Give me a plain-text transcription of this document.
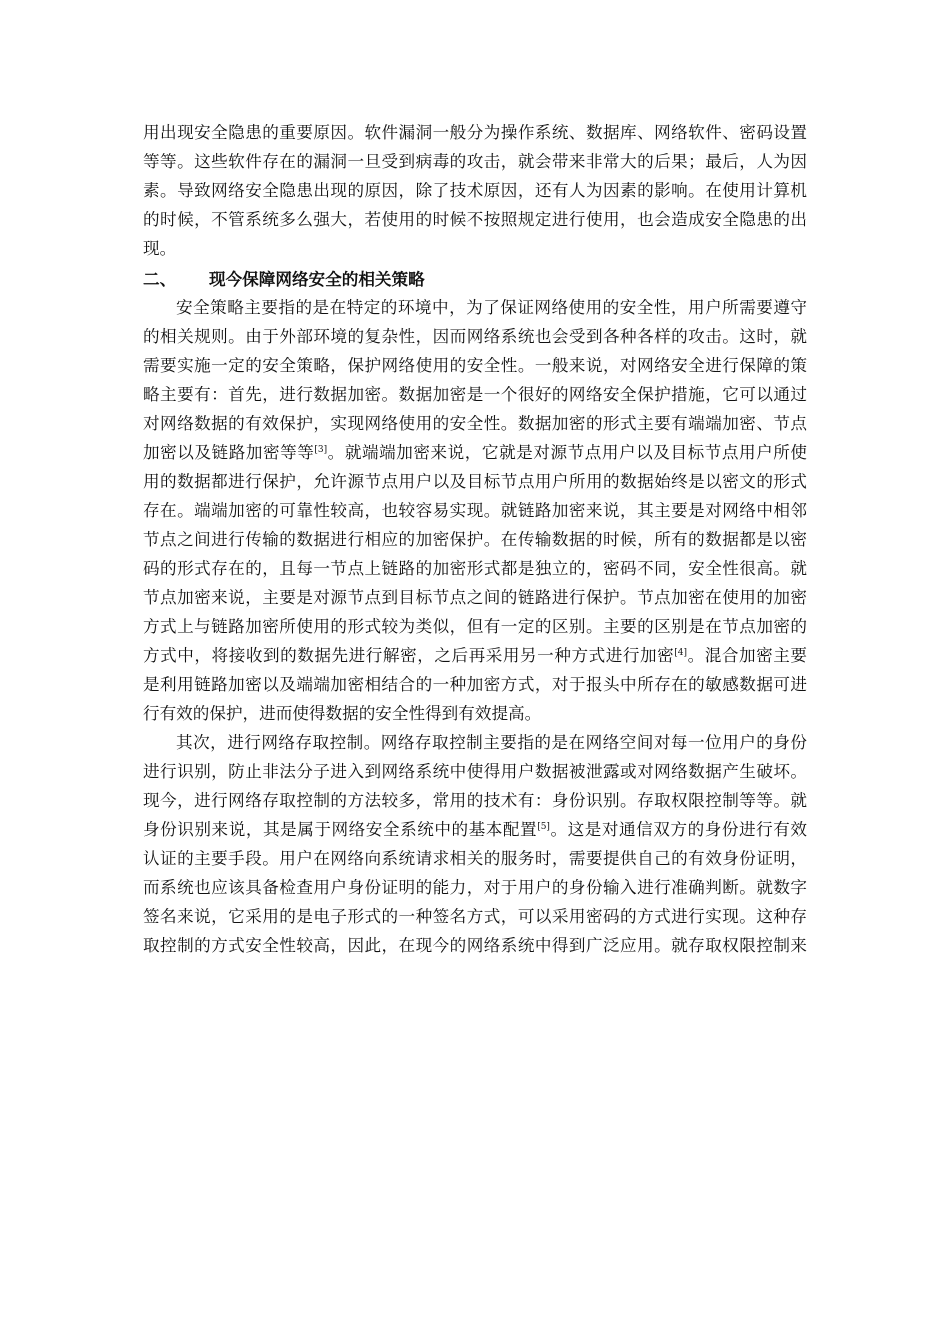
用出现安全隐患的重要原因。软件漏洞一般分为操作系统、数据库、网络软件、密码设置
等等。这些软件存在的漏洞一旦受到病毒的攻击，就会带来非常大的后果；最后，人为因
素。导致网络安全隐患出现的原因，除了技术原因，还有人为因素的影响。在使用计算机
的时候，不管系统多么强大，若使用的时候不按照规定进行使用，也会造成安全隐患的出
现。
二、 现今保障网络安全的相关策略
安全策略主要指的是在特定的环境中，为了保证网络使用的安全性，用户所需要遵守
的相关规则。由于外部环境的复杂性，因而网络系统也会受到各种各样的攻击。这时，就
需要实施一定的安全策略，保护网络使用的安全性。一般来说，对网络安全进行保障的策
略主要有：首先，进行数据加密。数据加密是一个很好的网络安全保护措施，它可以通过
对网络数据的有效保护，实现网络使用的安全性。数据加密的形式主要有端端加密、节点
加密以及链路加密等等[3]。就端端加密来说，它就是对源节点用户以及目标节点用户所使
用的数据都进行保护，允许源节点用户以及目标节点用户所用的数据始终是以密文的形式
存在。端端加密的可靠性较高，也较容易实现。就链路加密来说，其主要是对网络中相邻
节点之间进行传输的数据进行相应的加密保护。在传输数据的时候，所有的数据都是以密
码的形式存在的，且每一节点上链路的加密形式都是独立的，密码不同，安全性很高。就
节点加密来说，主要是对源节点到目标节点之间的链路进行保护。节点加密在使用的加密
方式上与链路加密所使用的形式较为类似，但有一定的区别。主要的区别是在节点加密的
方式中，将接收到的数据先进行解密，之后再采用另一种方式进行加密[4]。混合加密主要
是利用链路加密以及端端加密相结合的一种加密方式，对于报头中所存在的敏感数据可进
行有效的保护，进而使得数据的安全性得到有效提高。
其次，进行网络存取控制。网络存取控制主要指的是在网络空间对每一位用户的身份
进行识别，防止非法分子进入到网络系统中使得用户数据被泄露或对网络数据产生破坏。
现今，进行网络存取控制的方法较多，常用的技术有：身份识别。存取权限控制等等。就
身份识别来说，其是属于网络安全系统中的基本配置[5]。这是对通信双方的身份进行有效
认证的主要手段。用户在网络向系统请求相关的服务时，需要提供自己的有效身份证明，
而系统也应该具备检查用户身份证明的能力，对于用户的身份输入进行准确判断。就数字
签名来说，它采用的是电子形式的一种签名方式，可以采用密码的方式进行实现。这种存
取控制的方式安全性较高，因此，在现今的网络系统中得到广泛应用。就存取权限控制来
